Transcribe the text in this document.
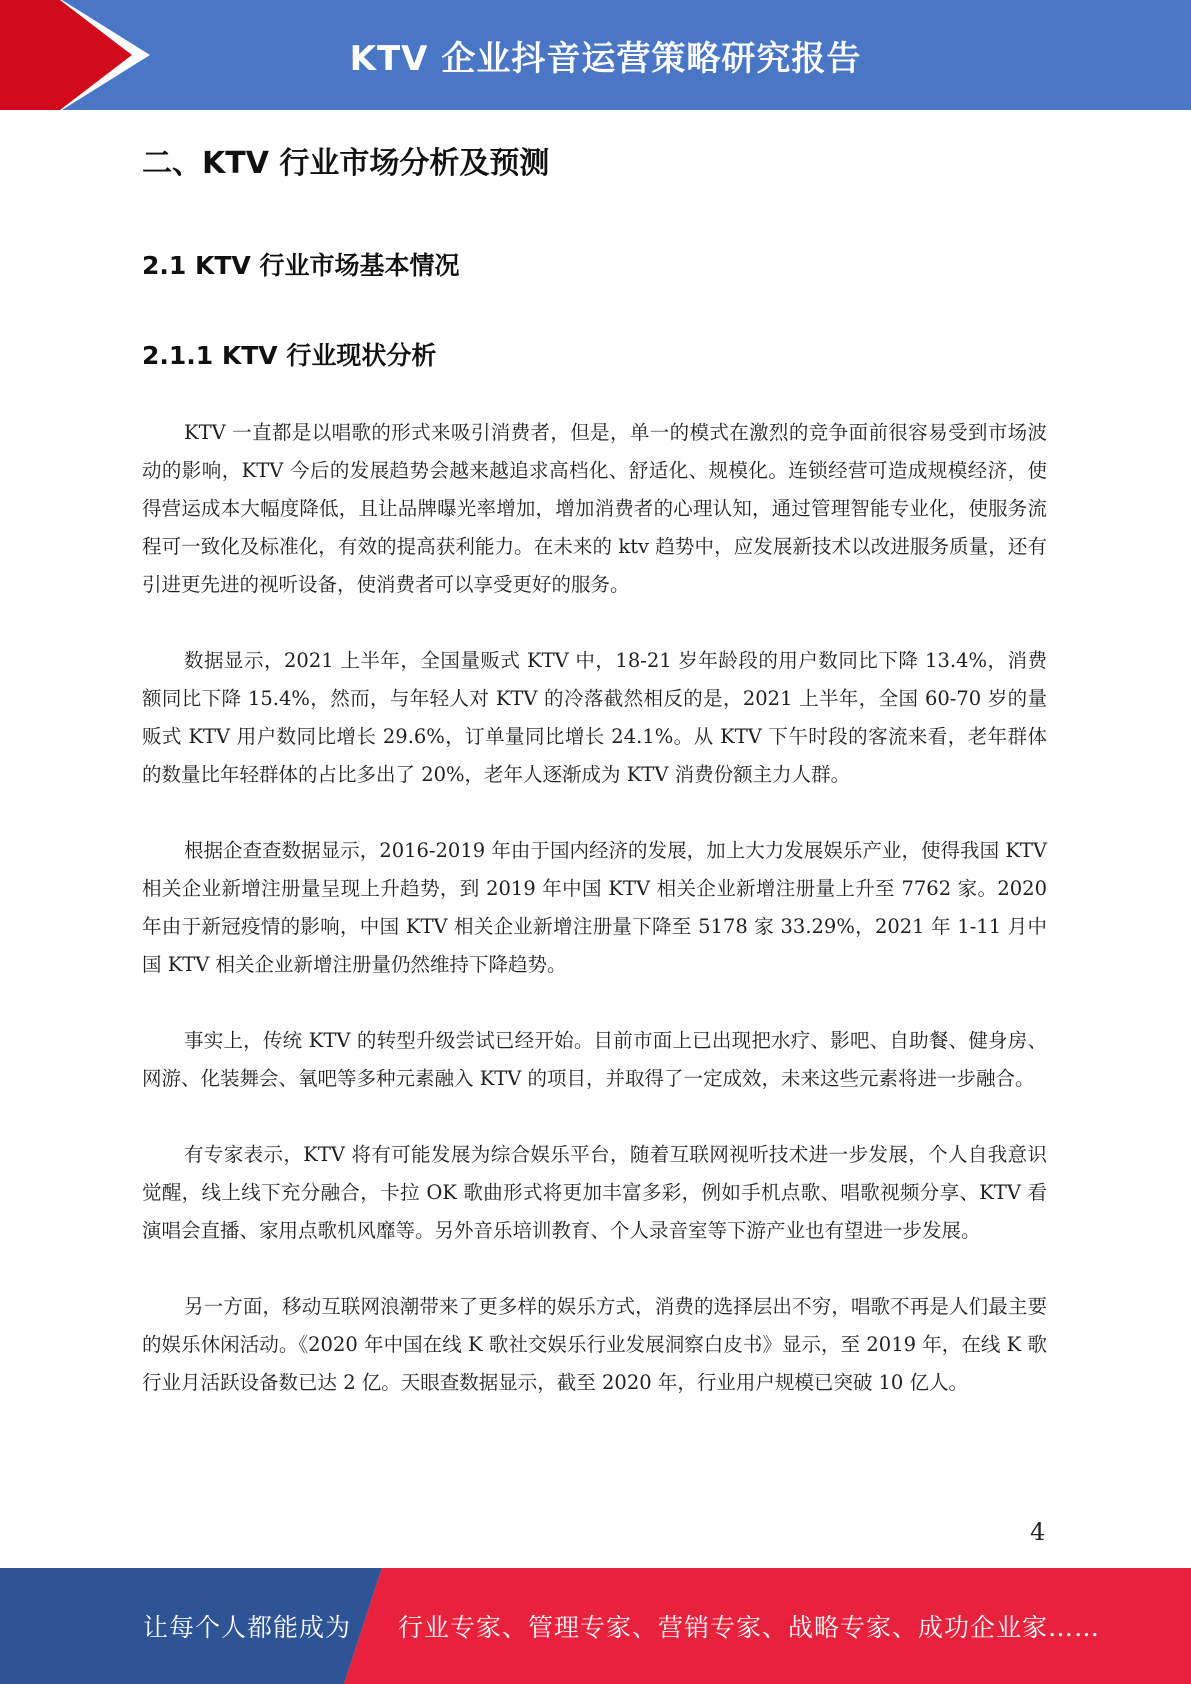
KTV 企业抖音运营策略研究报告
二、KTV 行业市场分析及预测
2.1 KTV 行业市场基本情况
2.1.1 KTV 行业现状分析

KTV 一直都是以唱歌的形式来吸引消费者，但是，单一的模式在激烈的竞争面前很容易受到市场波动的影响，KTV 今后的发展趋势会越来越追求高档化、舒适化、规模化。连锁经营可造成规模经济，使得营运成本大幅度降低，且让品牌曝光率增加，增加消费者的心理认知，通过管理智能专业化，使服务流程可一致化及标准化，有效的提高获利能力。在未来的 ktv 趋势中，应发展新技术以改进服务质量，还有引进更先进的视听设备，使消费者可以享受更好的服务。

数据显示，2021 上半年，全国量贩式 KTV 中，18-21 岁年龄段的用户数同比下降 13.4%，消费额同比下降 15.4%，然而，与年轻人对 KTV 的冷落截然相反的是，2021 上半年，全国 60-70 岁的量贩式 KTV 用户数同比增长 29.6%，订单量同比增长 24.1%。从 KTV 下午时段的客流来看，老年群体的数量比年轻群体的占比多出了 20%，老年人逐渐成为 KTV 消费份额主力人群。

根据企查查数据显示，2016-2019 年由于国内经济的发展，加上大力发展娱乐产业，使得我国 KTV 相关企业新增注册量呈现上升趋势，到 2019 年中国 KTV 相关企业新增注册量上升至 7762 家。2020 年由于新冠疫情的影响，中国 KTV 相关企业新增注册量下降至 5178 家 33.29%，2021 年 1-11 月中国 KTV 相关企业新增注册量仍然维持下降趋势。

事实上，传统 KTV 的转型升级尝试已经开始。目前市面上已出现把水疗、影吧、自助餐、健身房、网游、化装舞会、氧吧等多种元素融入 KTV 的项目，并取得了一定成效，未来这些元素将进一步融合。

有专家表示，KTV 将有可能发展为综合娱乐平台，随着互联网视听技术进一步发展，个人自我意识觉醒，线上线下充分融合，卡拉 OK 歌曲形式将更加丰富多彩，例如手机点歌、唱歌视频分享、KTV 看演唱会直播、家用点歌机风靡等。另外音乐培训教育、个人录音室等下游产业也有望进一步发展。

另一方面，移动互联网浪潮带来了更多样的娱乐方式，消费的选择层出不穷，唱歌不再是人们最主要的娱乐休闲活动。《2020 年中国在线 K 歌社交娱乐行业发展洞察白皮书》显示，至 2019 年，在线 K 歌行业月活跃设备数已达 2 亿。天眼查数据显示，截至 2020 年，行业用户规模已突破 10 亿人。

4
让每个人都能成为 行业专家、管理专家、营销专家、战略专家、成功企业家……
